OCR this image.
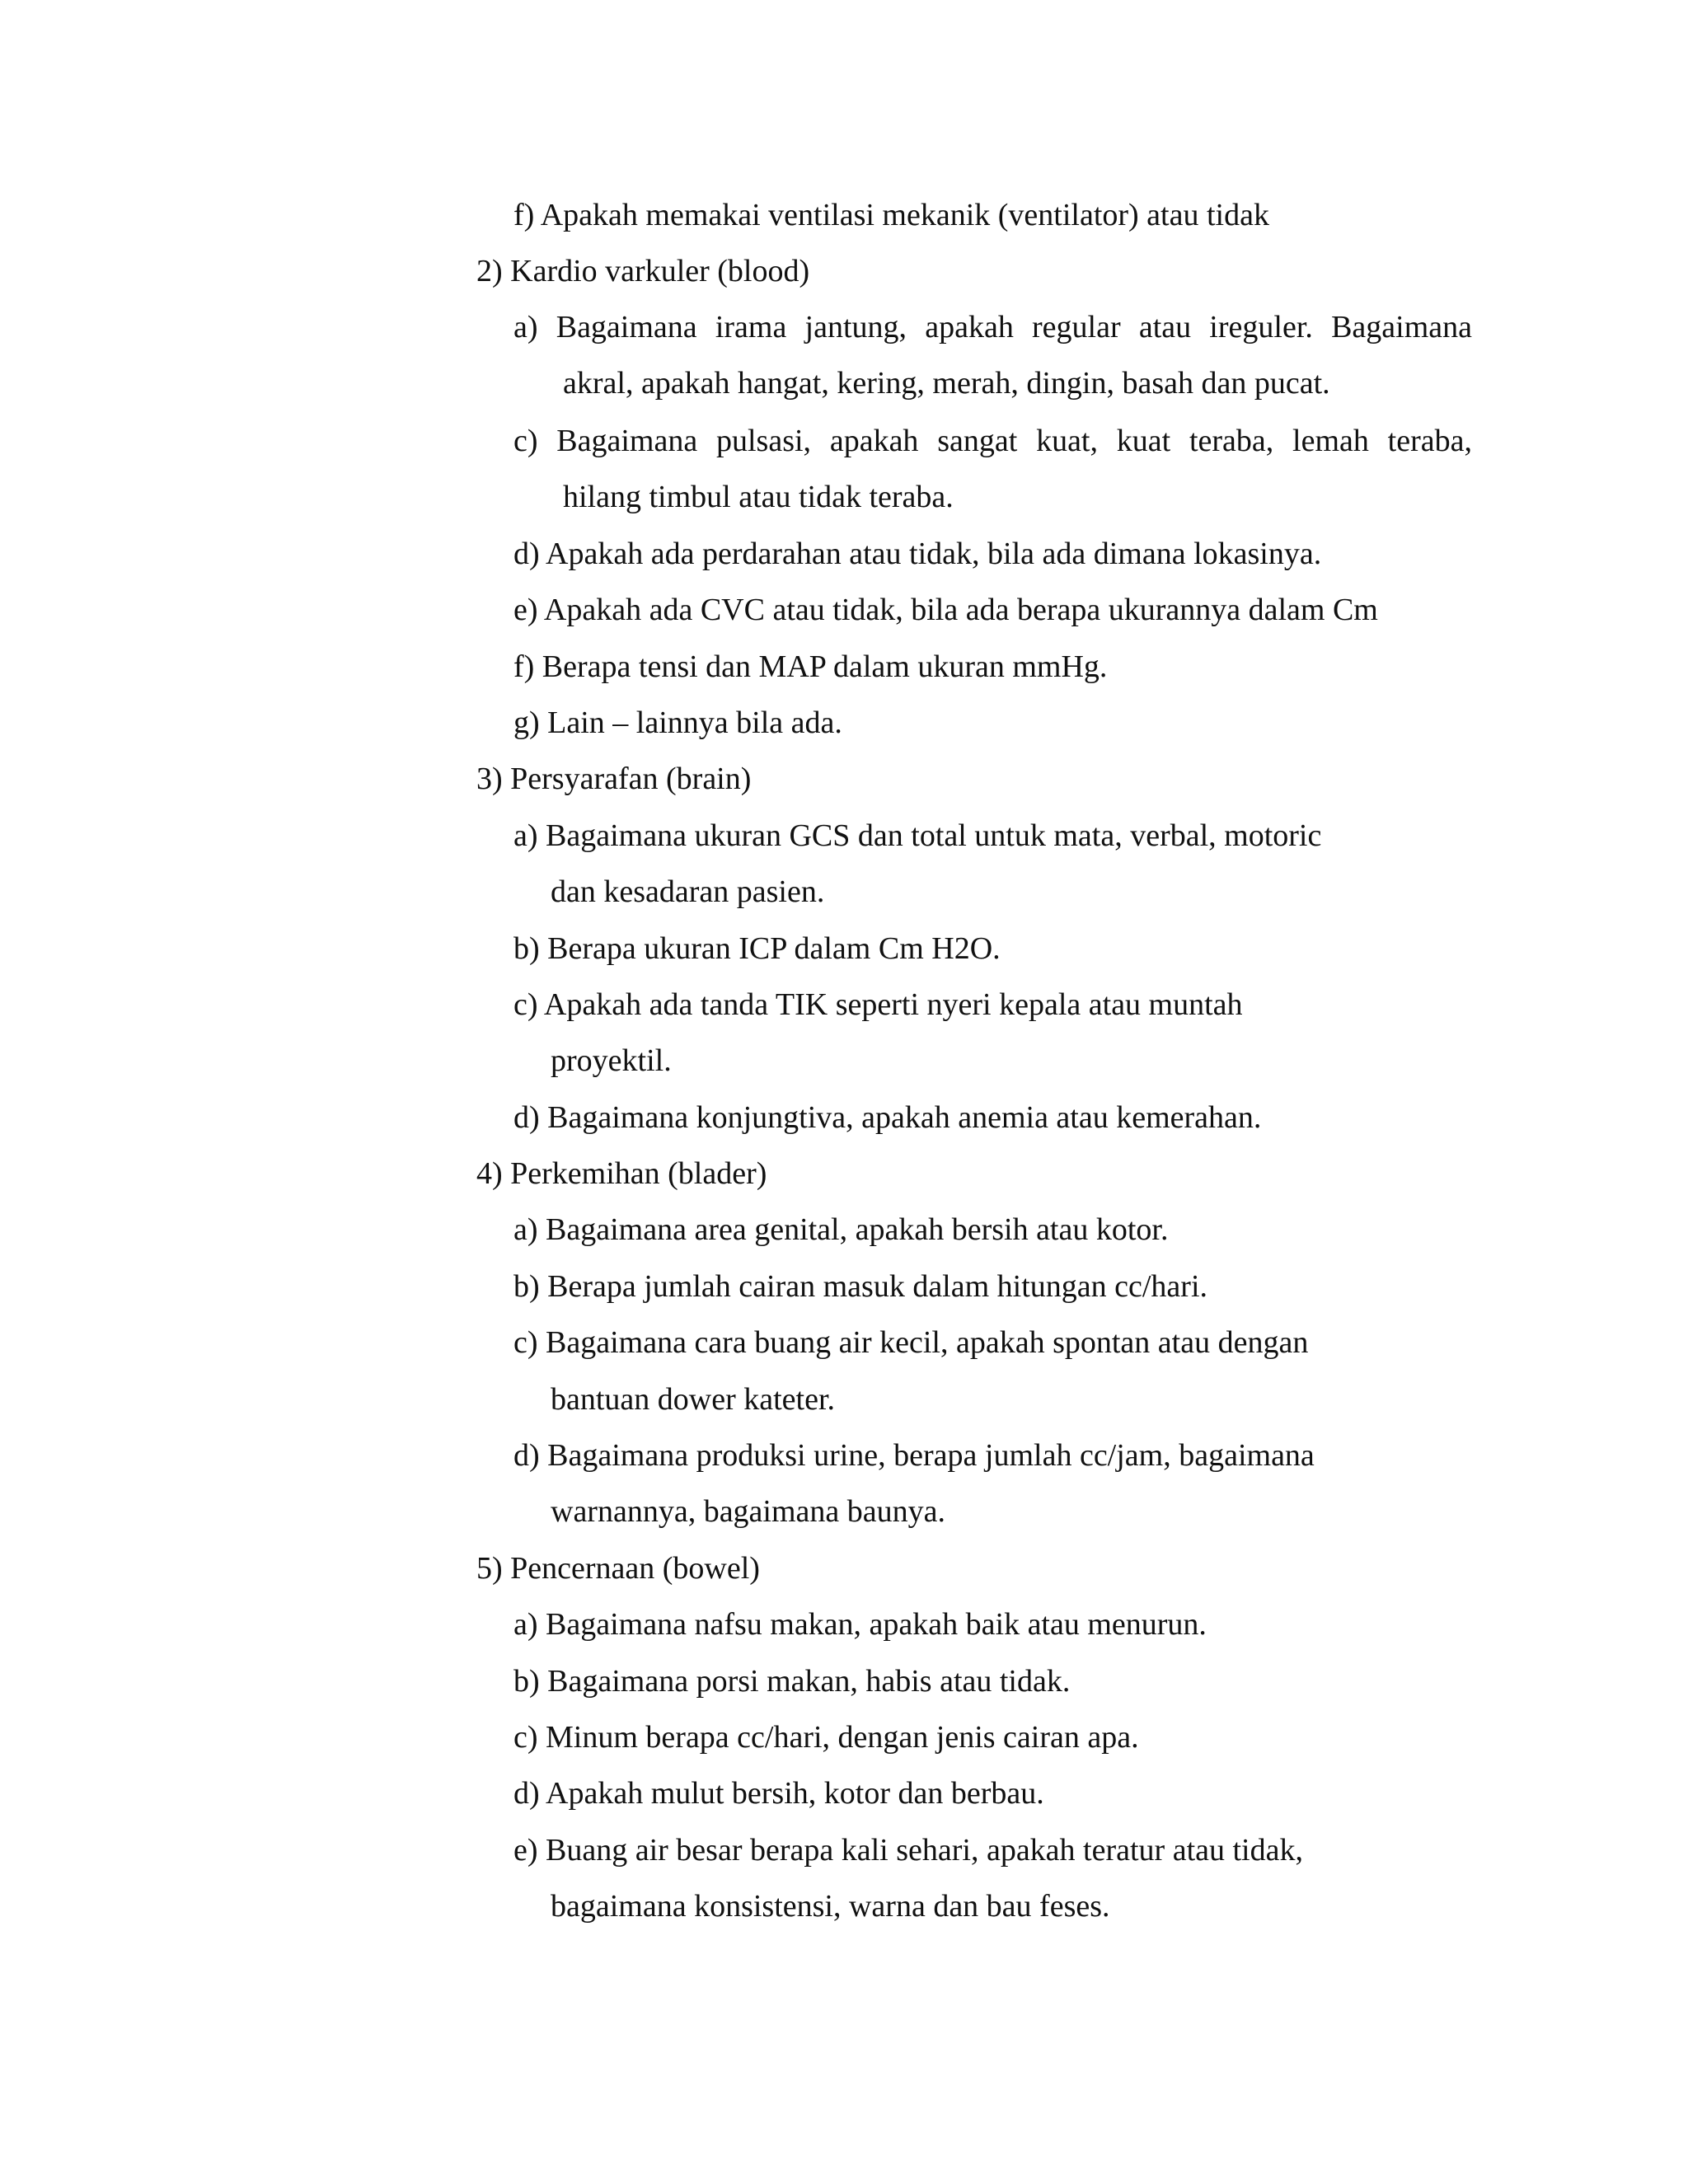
f) Apakah memakai ventilasi mekanik (ventilator) atau tidak

2) Kardio varkuler (blood)

a) Bagaimana irama jantung, apakah regular atau ireguler. Bagaimana

akral, apakah hangat, kering, merah, dingin, basah dan pucat.

c) Bagaimana pulsasi, apakah sangat kuat, kuat teraba, lemah teraba,

hilang timbul atau tidak teraba.

d) Apakah ada perdarahan atau tidak, bila ada dimana lokasinya.

e) Apakah ada CVC atau tidak, bila ada berapa ukurannya dalam Cm

f) Berapa tensi dan MAP dalam ukuran mmHg.

g) Lain – lainnya bila ada.

3) Persyarafan (brain)

a) Bagaimana ukuran GCS dan total untuk mata, verbal, motoric

dan kesadaran pasien.

b) Berapa ukuran ICP dalam Cm H2O.

c) Apakah ada tanda TIK seperti nyeri kepala atau muntah

proyektil.

d) Bagaimana konjungtiva, apakah anemia atau kemerahan.

4) Perkemihan (blader)

a) Bagaimana area genital, apakah bersih atau kotor.

b) Berapa jumlah cairan masuk dalam hitungan cc/hari.

c) Bagaimana cara buang air kecil, apakah spontan atau dengan

bantuan dower kateter.

d) Bagaimana produksi urine, berapa jumlah cc/jam, bagaimana

warnannya, bagaimana baunya.

5) Pencernaan (bowel)

a) Bagaimana nafsu makan, apakah baik atau menurun.

b) Bagaimana porsi makan, habis atau tidak.

c) Minum berapa cc/hari, dengan jenis cairan apa.

d) Apakah mulut bersih, kotor dan berbau.

e) Buang air besar berapa kali sehari, apakah teratur atau tidak,

bagaimana konsistensi, warna dan bau feses.
